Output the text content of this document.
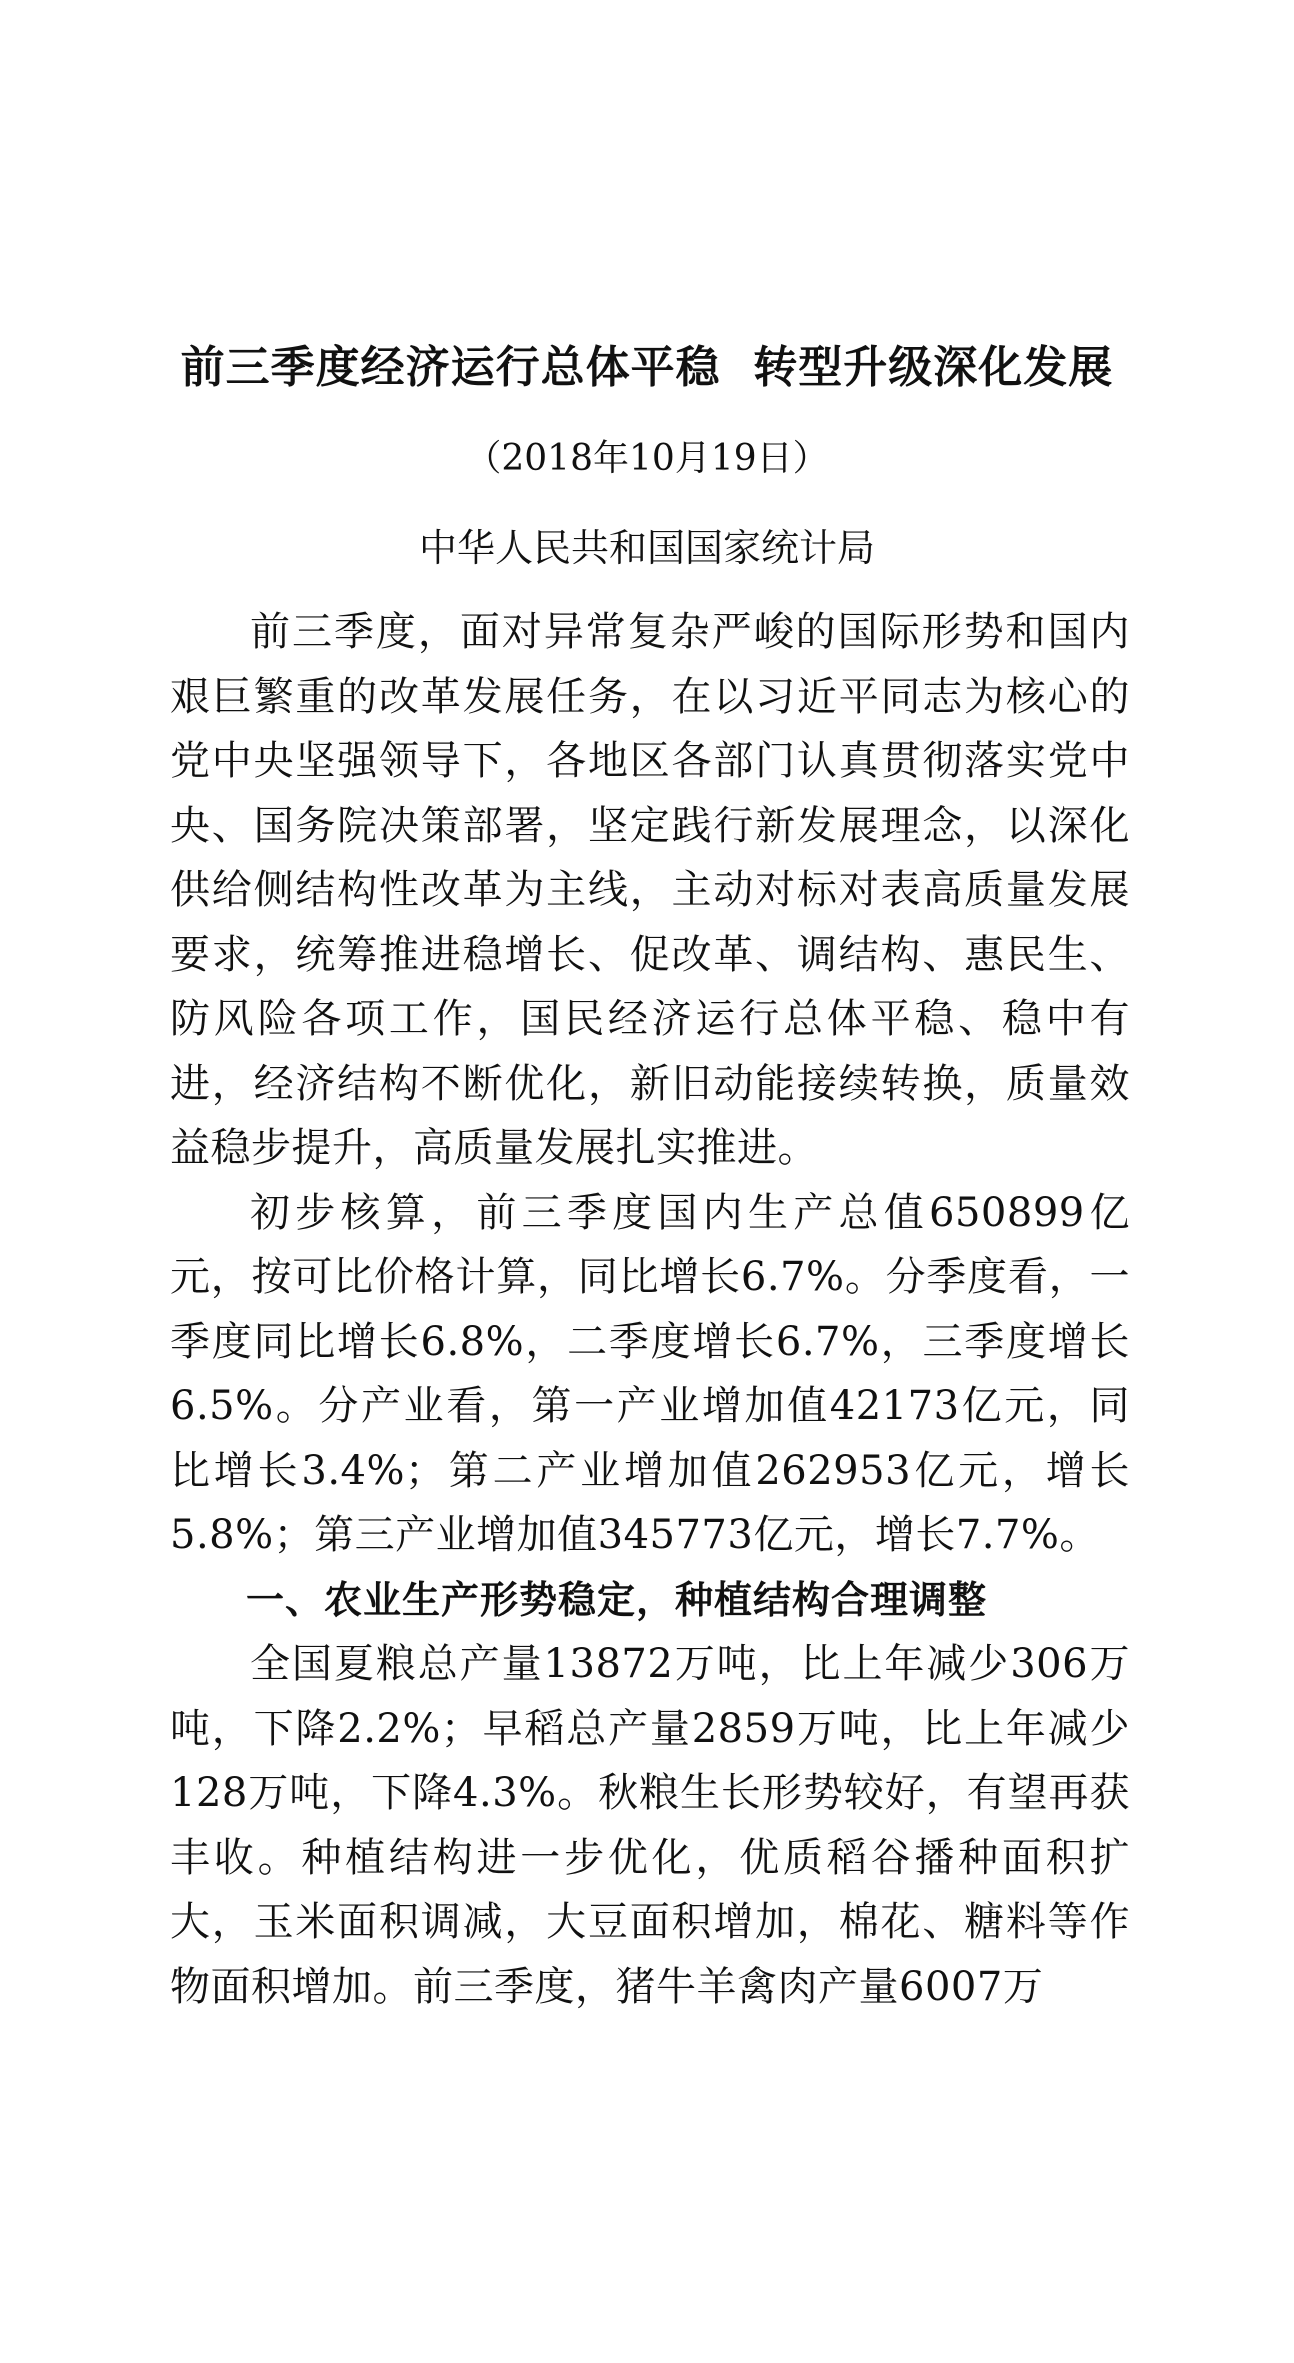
前三季度经济运行总体平稳  转型升级深化发展
（2018年10月19日）
中华人民共和国国家统计局

前三季度，面对异常复杂严峻的国际形势和国内艰巨繁重的改革发展任务，在以习近平同志为核心的党中央坚强领导下，各地区各部门认真贯彻落实党中央、国务院决策部署，坚定践行新发展理念，以深化供给侧结构性改革为主线，主动对标对表高质量发展要求，统筹推进稳增长、促改革、调结构、惠民生、防风险各项工作，国民经济运行总体平稳、稳中有进，经济结构不断优化，新旧动能接续转换，质量效益稳步提升，高质量发展扎实推进。

初步核算，前三季度国内生产总值650899亿元，按可比价格计算，同比增长6.7%。分季度看，一季度同比增长6.8%，二季度增长6.7%，三季度增长6.5%。分产业看，第一产业增加值42173亿元，同比增长3.4%；第二产业增加值262953亿元，增长5.8%；第三产业增加值345773亿元，增长7.7%。

一、农业生产形势稳定，种植结构合理调整

全国夏粮总产量13872万吨，比上年减少306万吨，下降2.2%；早稻总产量2859万吨，比上年减少128万吨，下降4.3%。秋粮生长形势较好，有望再获丰收。种植结构进一步优化，优质稻谷播种面积扩大，玉米面积调减，大豆面积增加，棉花、糖料等作物面积增加。前三季度，猪牛羊禽肉产量6007万
